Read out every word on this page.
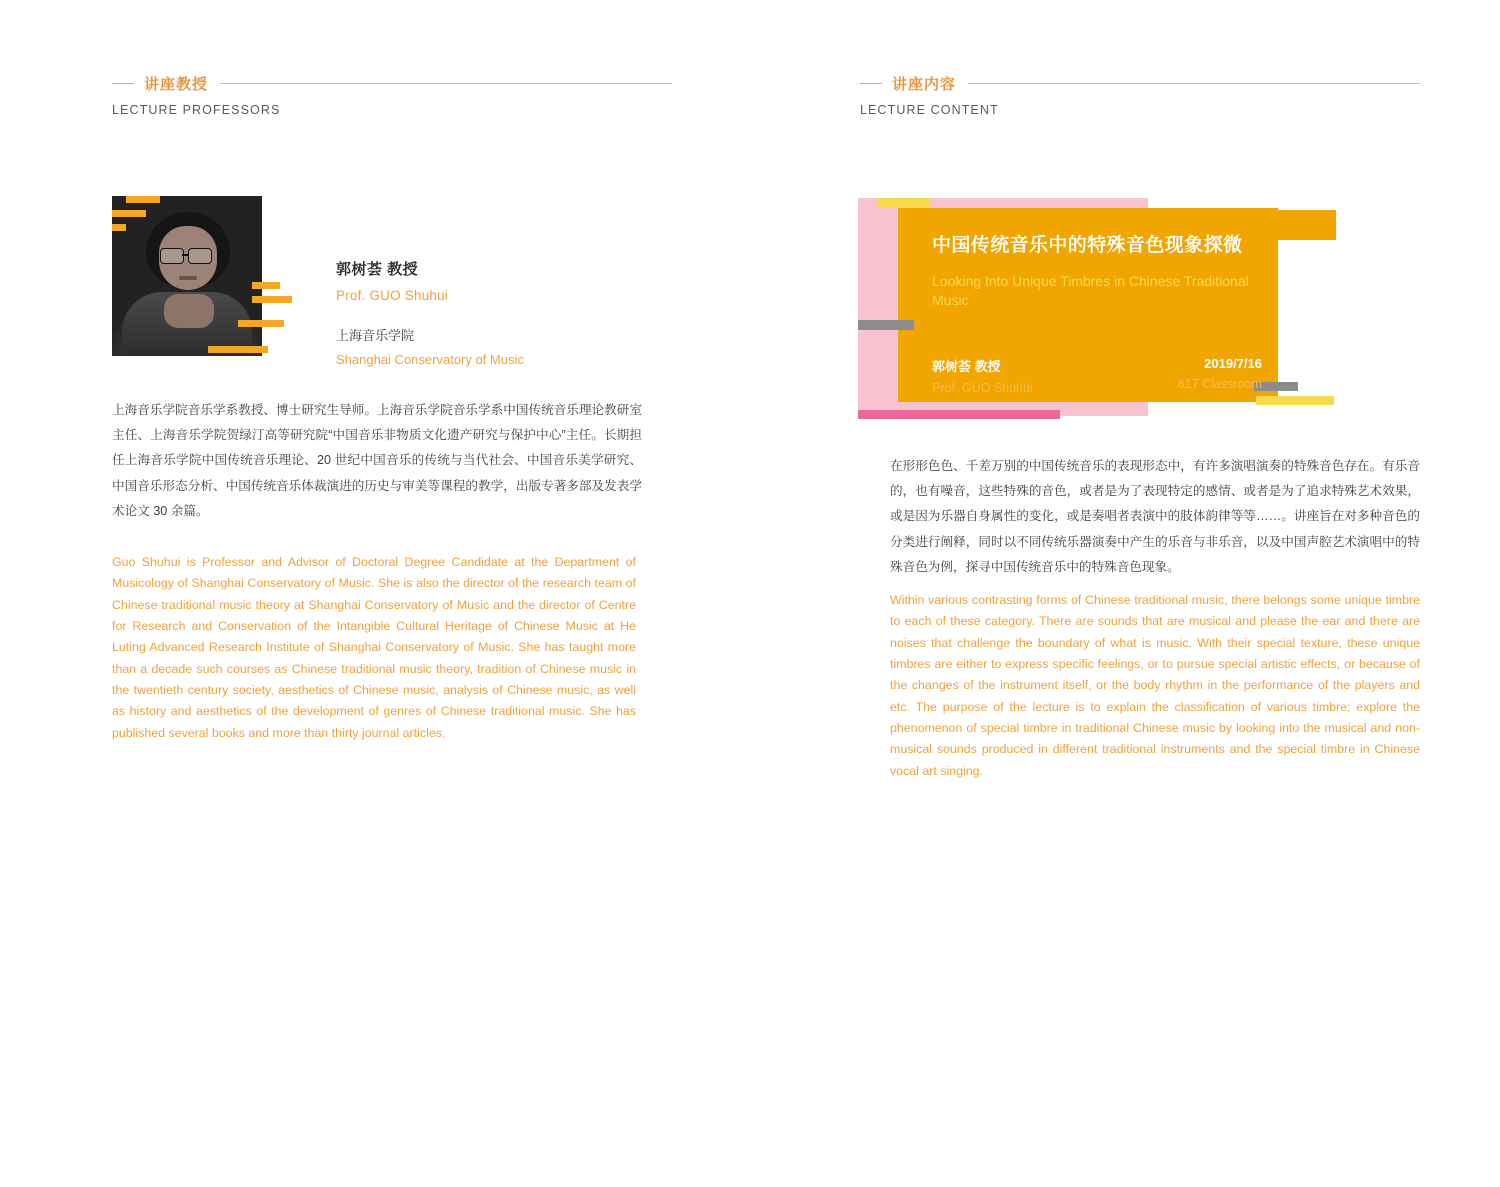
讲座教授
LECTURE PROFESSORS
郭树荟 教授
Prof. GUO Shuhui
上海音乐学院
Shanghai Conservatory of Music
上海音乐学院音乐学系教授、博士研究生导师。上海音乐学院音乐学系中国传统音乐理论教研室主任、上海音乐学院贺绿汀高等研究院“中国音乐非物质文化遗产研究与保护中心”主任。长期担任上海音乐学院中国传统音乐理论、20 世纪中国音乐的传统与当代社会、中国音乐美学研究、中国音乐形态分析、中国传统音乐体裁演进的历史与审美等课程的教学，出版专著多部及发表学术论文 30 余篇。
Guo Shuhui is Professor and Advisor of Doctoral Degree Candidate at the Department of Musicology of Shanghai Conservatory of Music. She is also the director of the research team of Chinese traditional music theory at Shanghai Conservatory of Music and the director of Centre for Research and Conservation of the Intangible Cultural Heritage of Chinese Music at He Luting Advanced Research Institute of Shanghai Conservatory of Music. She has taught more than a decade such courses as Chinese traditional music theory, tradition of Chinese music in the twentieth century society, aesthetics of Chinese music, analysis of Chinese music, as well as history and aesthetics of the development of genres of Chinese traditional music. She has published several books and more than thirty journal articles.
讲座内容
LECTURE CONTENT
中国传统音乐中的特殊音色现象探微
Looking Into Unique Timbres in Chinese Traditional Music
郭树荟 教授
Prof. GUO Shuhui
2019/7/16
617 Classroom
在形形色色、千差万别的中国传统音乐的表现形态中，有许多演唱演奏的特殊音色存在。有乐音的，也有噪音，这些特殊的音色，或者是为了表现特定的感情、或者是为了追求特殊艺术效果，或是因为乐器自身属性的变化，或是奏唱者表演中的肢体韵律等等……。讲座旨在对多种音色的分类进行阐释，同时以不同传统乐器演奏中产生的乐音与非乐音，以及中国声腔艺术演唱中的特殊音色为例，探寻中国传统音乐中的特殊音色现象。
Within various contrasting forms of Chinese traditional music, there belongs some unique timbre to each of these category. There are sounds that are musical and please the ear and there are noises that challenge the boundary of what is music. With their special texture, these unique timbres are either to express specific feelings, or to pursue special artistic effects, or because of the changes of the instrument itself, or the body rhythm in the performance of the players and etc. The purpose of the lecture is to explain the classification of various timbre; explore the phenomenon of special timbre in traditional Chinese music by looking into the musical and non-musical sounds produced in different traditional instruments and the special timbre in Chinese vocal art singing.
